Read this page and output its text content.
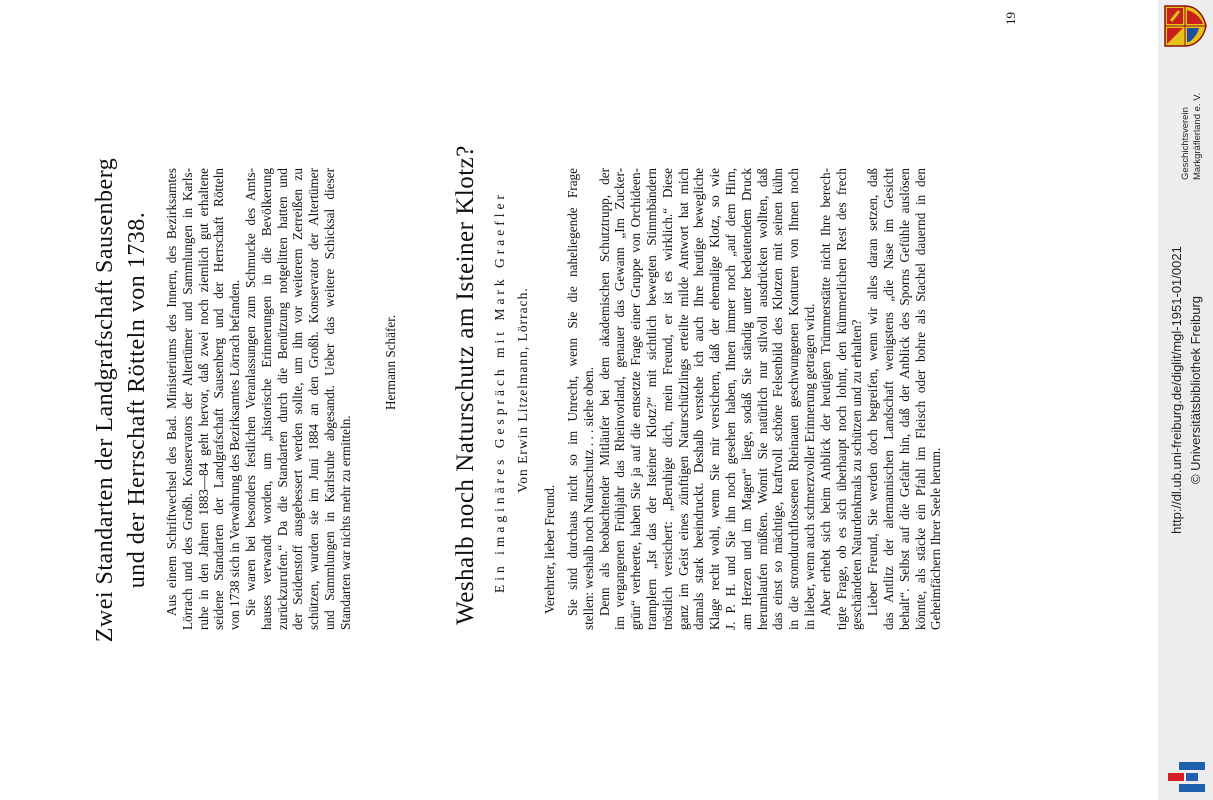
Zwei Standarten der Landgrafschaft Sausenberg und der Herrschaft Rötteln von 1738. Aus einem Schriftwechsel des Bad. Ministeriums des Innern, des Bezirksamtes Lörrach und des Großh. Konservators der Altertümer und Sammlungen in Karls- ruhe in den Jahren 1883—84 geht hervor, daß zwei noch ziemlich gut erhaltene seidene Standarten der Landgrafschaft Sausenberg und der Herrschaft Rötteln von 1738 sich in Verwahrung des Bezirksamtes Lörrach befanden. Sie waren bei besonders festlichen Veranlassungen zum Schmucke des Amts- hauses verwandt worden, um „historische Erinnerungen in die Bevölkerung zurückzurufen.“ Da die Standarten durch die Benützung notgelitten hatten und der Seidenstoff ausgebessert werden sollte, um ihn vor weiterem Zerreißen zu schützen, wurden sie im Juni 1884 an den Großh. Konservator der Altertümer und Sammlungen in Karlsruhe abgesandt. Ueber das weitere Schicksal dieser Standarten war nichts mehr zu ermitteln.
Hermann Schäfer. Weshalb noch Naturschutz am Isteiner Klotz? Ein imaginäres Gespräch mit Mark Graefler Von Erwin Litzelmann, Lörrach.
Verehrter, lieber Freund. Sie sind durchaus nicht so im Unrecht, wenn Sie die naheliegende Frage stellen: weshalb noch Naturschutz . . . siehe oben. Denn als beobachtender Mitläufer bei dem akademischen Schutztrupp, der im vergangenen Frühjahr das Rheinvorland, genauer das Gewann „Im Zucker- grün“ verheerte, haben Sie ja auf die entsetzte Frage einer Gruppe von Orchideen- tramplern „Ist das der Isteiner Klotz?“ mit sichtlich bewegten Stimmbändern tröstlich versichert: „Beruhige dich, mein Freund, er ist es wirklich.“ Diese ganz im Geist eines zünftigen Naturschützlings erteilte milde Antwort hat mich damals stark beeindruckt. Deshalb verstehe ich auch Ihre heutige bewegliche Klage recht wohl, wenn Sie mir versichern, daß der ehemalige Klotz, so wie J. P. H. und Sie ihn noch gesehen haben, Ihnen immer noch „auf dem Hirn, am Herzen und im Magen“ liege, sodaß Sie ständig unter bedeutendem Druck herumlaufen müßten. Womit Sie natürlich nur stilvoll ausdrücken wollten, daß das einst so mächtige, kraftvoll schöne Felsenbild des Klotzen mit seinen kühn in die stromdurchflossenen Rheinauen geschwungenen Konturen von Ihnen noch in lieber, wenn auch schmerzvoller Erinnerung getragen wird. Aber erhebt sich beim Anblick der heutigen Trümmerstätte nicht Ihre berech- tigte Frage, ob es sich überhaupt noch lohnt, den kümmerlichen Rest des frech geschändeten Naturdenkmals zu schützen und zu erhalten? Lieber Freund, Sie werden doch begreifen, wenn wir alles daran setzen, daß das Antlitz der alemannischen Landschaft wenigstens „die Nase im Gesicht behalt“. Selbst auf die Gefahr hin, daß der Anblick des Sporns Gefühle auslösen könnte, als stäcke ein Pfahl im Fleisch oder bohre als Stachel dauernd in den Geheimfächern Ihrer Seele herum.
19
http://dl.ub.uni-freiburg.de/diglit/mgl-1951-01/0021 © Universitätsbibliothek Freiburg
Geschichtsverein Markgräflerland e. V.
